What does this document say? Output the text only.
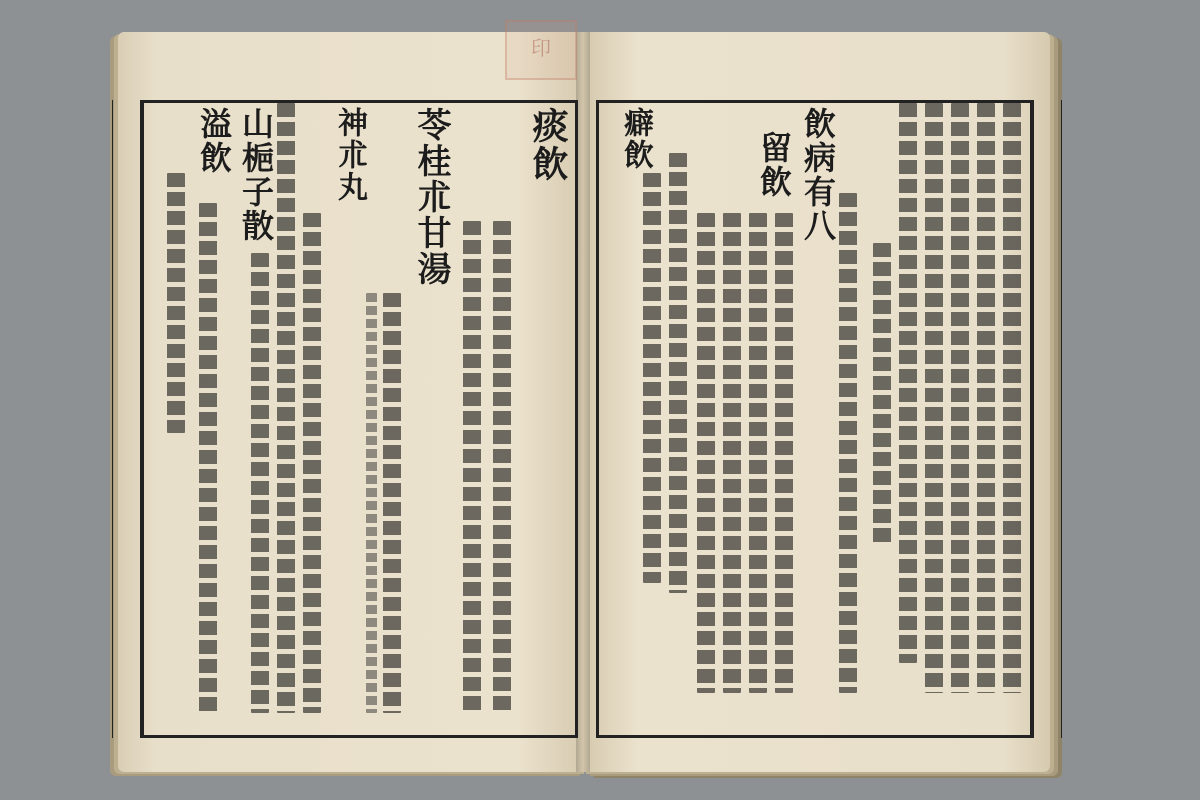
印
痰飲
苓桂朮甘湯
神朮丸
山梔子散
溢飲	飲病有八
留飲
癖飲
